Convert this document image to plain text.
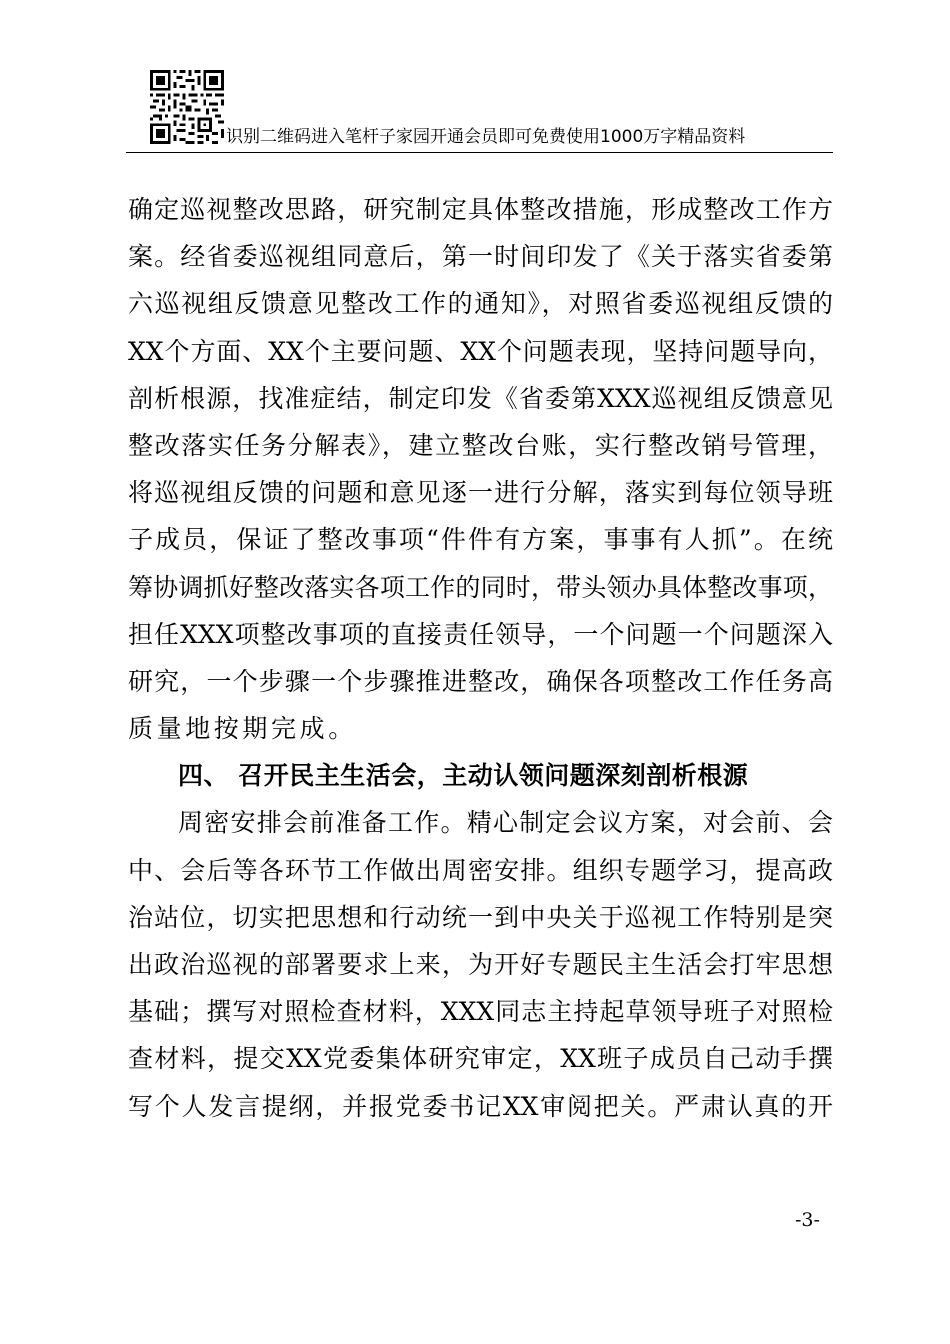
识别二维码进入笔杆子家园开通会员即可免费使用1000万字精品资料
确定巡视整改思路，研究制定具体整改措施，形成整改工作方
案。经省委巡视组同意后，第一时间印发了《关于落实省委第
六巡视组反馈意见整改工作的通知》，对照省委巡视组反馈的
XX个方面、XX个主要问题、XX个问题表现，坚持问题导向，
剖析根源，找准症结，制定印发《省委第XXX巡视组反馈意见
整改落实任务分解表》，建立整改台账，实行整改销号管理，
将巡视组反馈的问题和意见逐一进行分解，落实到每位领导班
子成员，保证了整改事项“件件有方案，事事有人抓”。在统
筹协调抓好整改落实各项工作的同时，带头领办具体整改事项，
担任XXX项整改事项的直接责任领导，一个问题一个问题深入
研究，一个步骤一个步骤推进整改，确保各项整改工作任务高
质量地按期完成。
四、 召开民主生活会，主动认领问题深刻剖析根源
周密安排会前准备工作。精心制定会议方案，对会前、会
中、会后等各环节工作做出周密安排。组织专题学习，提高政
治站位，切实把思想和行动统一到中央关于巡视工作特别是突
出政治巡视的部署要求上来，为开好专题民主生活会打牢思想
基础；撰写对照检查材料，XXX同志主持起草领导班子对照检
查材料，提交XX党委集体研究审定，XX班子成员自己动手撰
写个人发言提纲，并报党委书记XX审阅把关。严肃认真的开
-3-
